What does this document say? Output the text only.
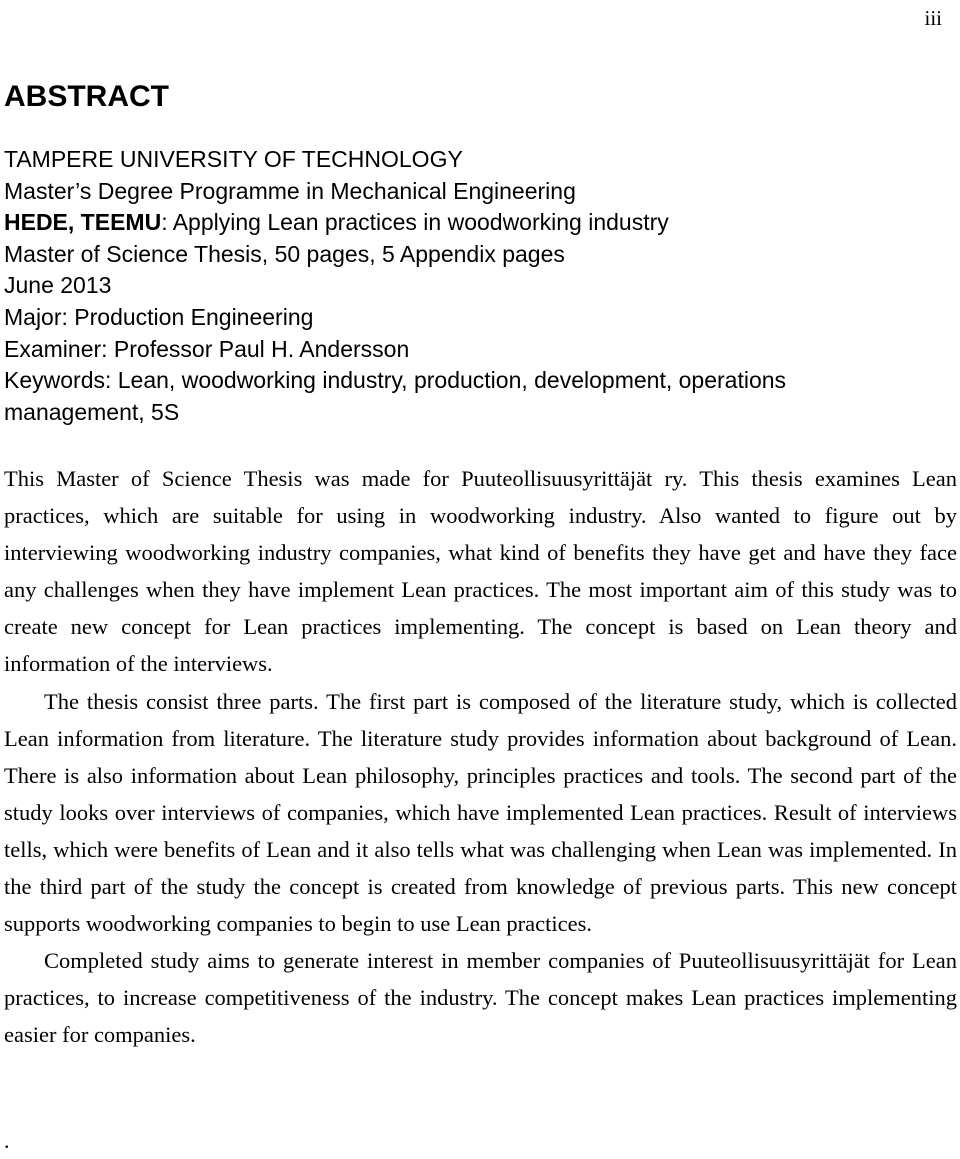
iii
ABSTRACT
TAMPERE UNIVERSITY OF TECHNOLOGY
Master’s Degree Programme in Mechanical Engineering
HEDE, TEEMU: Applying Lean practices in woodworking industry
Master of Science Thesis, 50 pages, 5 Appendix pages
June 2013
Major: Production Engineering
Examiner: Professor Paul H. Andersson
Keywords: Lean, woodworking industry, production, development, operations
management, 5S

This Master of Science Thesis was made for Puuteollisuusyrittäjät ry. This thesis examines Lean practices, which are suitable for using in woodworking industry. Also wanted to figure out by interviewing woodworking industry companies, what kind of benefits they have get and have they face any challenges when they have implement Lean practices. The most important aim of this study was to create new concept for Lean practices implementing. The concept is based on Lean theory and information of the interviews.

The thesis consist three parts. The first part is composed of the literature study, which is collected Lean information from literature. The literature study provides information about background of Lean. There is also information about Lean philosophy, principles practices and tools. The second part of the study looks over interviews of companies, which have implemented Lean practices. Result of interviews tells, which were benefits of Lean and it also tells what was challenging when Lean was implemented. In the third part of the study the concept is created from knowledge of previous parts. This new concept supports woodworking companies to begin to use Lean practices.

Completed study aims to generate interest in member companies of Puuteollisuusyrittäjät for Lean practices, to increase competitiveness of the industry. The concept makes Lean practices implementing easier for companies.

.
